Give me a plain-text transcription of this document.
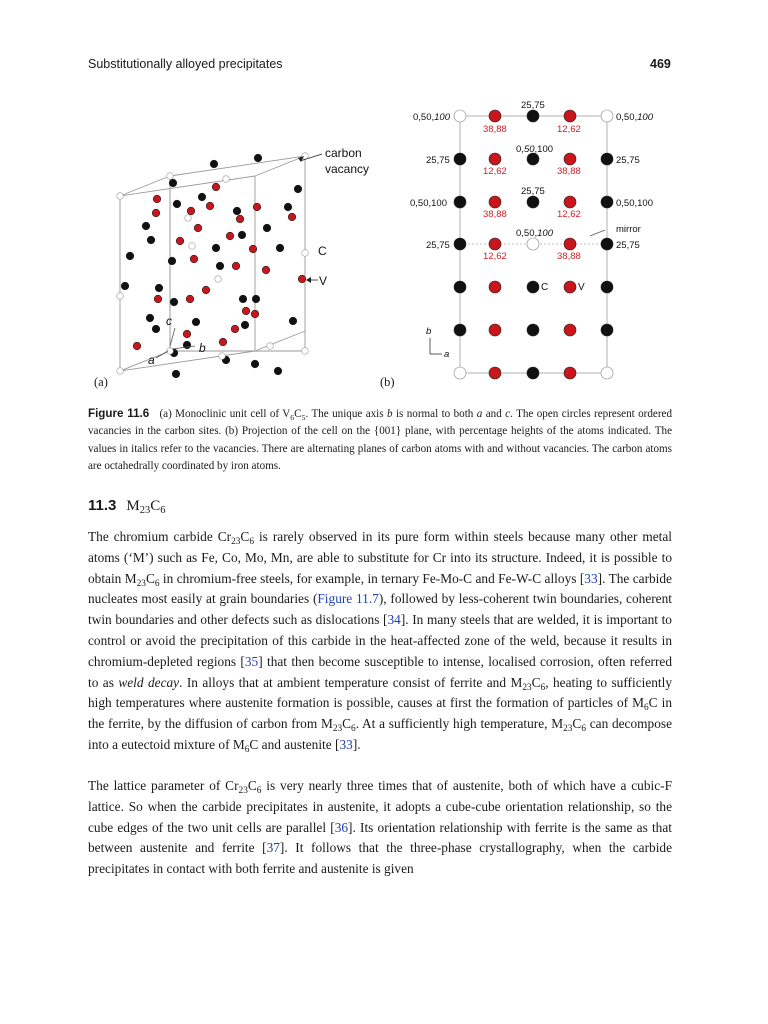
Substitutionally alloyed precipitates	469
carbon
vacancy
C
V
a
b
c
25,75
0,50,100	0,50,100
0,50,100
25,75	25,75
25,75
0,50,100	0,50,100
0,50,100	mirror
25,75	25,75
C	V
38,88	12,62
12,62	38,88
38,88	12,62
12,62	38,88
b
a
(a)	(b)
Figure 11.6 (a) Monoclinic unit cell of $V_6C_5$. The unique axis b is normal to both a and c. The open circles represent ordered vacancies in the carbon sites. (b) Projection of the cell on the {001} plane, with percentage heights of the atoms indicated. The values in italics refer to the vacancies. There are alternating planes of carbon atoms with and without vacancies. The carbon atoms are octahedrally coordinated by iron atoms.
11.3 $M_{23}C_6$

The chromium carbide $Cr_{23}C_6$ is rarely observed in its pure form within steels because many other metal atoms (‘M’) such as Fe, Co, Mo, Mn, are able to substitute for Cr into its structure. Indeed, it is possible to obtain $M_{23}C_6$ in chromium-free steels, for example, in ternary Fe-Mo-C and Fe-W-C alloys [33]. The carbide nucleates most easily at grain boundaries (Figure 11.7), followed by less-coherent twin boundaries, coherent twin boundaries and other defects such as dislocations [34]. In many steels that are welded, it is important to control or avoid the precipitation of this carbide in the heat-affected zone of the weld, because it results in chromium-depleted regions [35] that then become susceptible to intense, localised corrosion, often referred to as weld decay. In alloys that at ambient temperature consist of ferrite and $M_{23}C_6$, heating to sufficiently high temperatures where austenite formation is possible, causes at first the formation of particles of $M_6C$ in the ferrite, by the diffusion of carbon from $M_{23}C_6$. At a sufficiently high temperature, $M_{23}C_6$ can decompose into a eutectoid mixture of $M_6C$ and austenite [33].

The lattice parameter of $Cr_{23}C_6$ is very nearly three times that of austenite, both of which have a cubic-F lattice. So when the carbide precipitates in austenite, it adopts a cube-cube orientation relationship, so the cube edges of the two unit cells are parallel [36]. Its orientation relationship with ferrite is the same as that between austenite and ferrite [37]. It follows that the three-phase crystallography, when the carbide precipitates in contact with both ferrite and austenite is given
